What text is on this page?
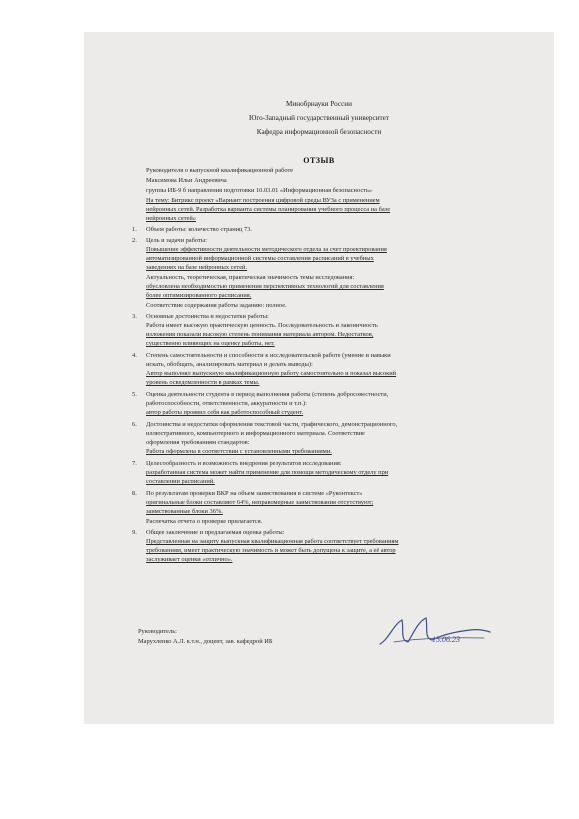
Минобрнауки России
Юго-Западный государственный университет
Кафедра информационной безопасности
ОТЗЫВ
Руководителя о выпускной квалификационной работе
Максимова Ильи Андреевича
группы ИБ-9 б направления подготовки 10.03.01 «Информационная безопасность»
На тему: Битрикс проект «Вариант построения цифровой среды ВУЗа с применением
нейронных сетей. Разработка варианта системы планирования учебного процесса на базе
нейронных сетей»
1. Объем работы: количество страниц 73.
2. Цель и задачи работы:
Повышение эффективности деятельности методического отдела за счет проектирования
автоматизированной информационной системы составления расписаний в учебных
заведениях на базе нейронных сетей.
Актуальность, теоретическая, практическая значимость темы исследования:
обусловлена необходимостью применения перспективных технологий для составления
более оптимизированного расписания.
Соответствие содержания работы заданию: полное.
3. Основные достоинства и недостатки работы:
Работа имеет высокую практическую ценность. Последовательность и лаконичность
изложения показали высокую степень понимания материала автором. Недостатков,
существенно влияющих на оценку работы, нет.
4. Степень самостоятельности и способности к исследовательской работе (умение и навыки
искать, обобщать, анализировать материал и делать выводы):
Автор выполнял выпускную квалификационную работу самостоятельно и показал высокий
уровень осведомленности в рамках темы.
5. Оценка деятельности студента в период выполнения работы (степень добросовестности,
работоспособности, ответственности, аккуратности и т.п.):
автор работы проявил себя как работоспособный студент.
6. Достоинства и недостатки оформления текстовой части, графического, демонстрационного,
иллюстративного, компьютерного и информационного материала. Соответствие
оформления требованиям стандартов:
Работа оформлена в соответствии с установленными требованиями.
7. Целесообразность и возможность внедрения результатов исследования:
разработанная система может найти применение для помощи методическому отделу при
составлении расписаний.
8. По результатам проверки ВКР на объем заимствования в системе «Руконтекст»
оригинальные блоки составляют 64%, неправомерные заимствования отсутствуют;
заимствованные блоки 36%.
Распечатка отчета о проверке прилагается.
9. Общее заключение и предлагаемая оценка работы:
Представленная на защиту выпускная квалификационная работа соответствует требованиям
требованиям, имеет практическую значимость и может быть допущена к защите, а её автор
заслуживает оценки «отлично».
Руководитель:
Марухленко А.Л. к.т.н., доцент, зав. кафедрой ИБ	15.06.23
